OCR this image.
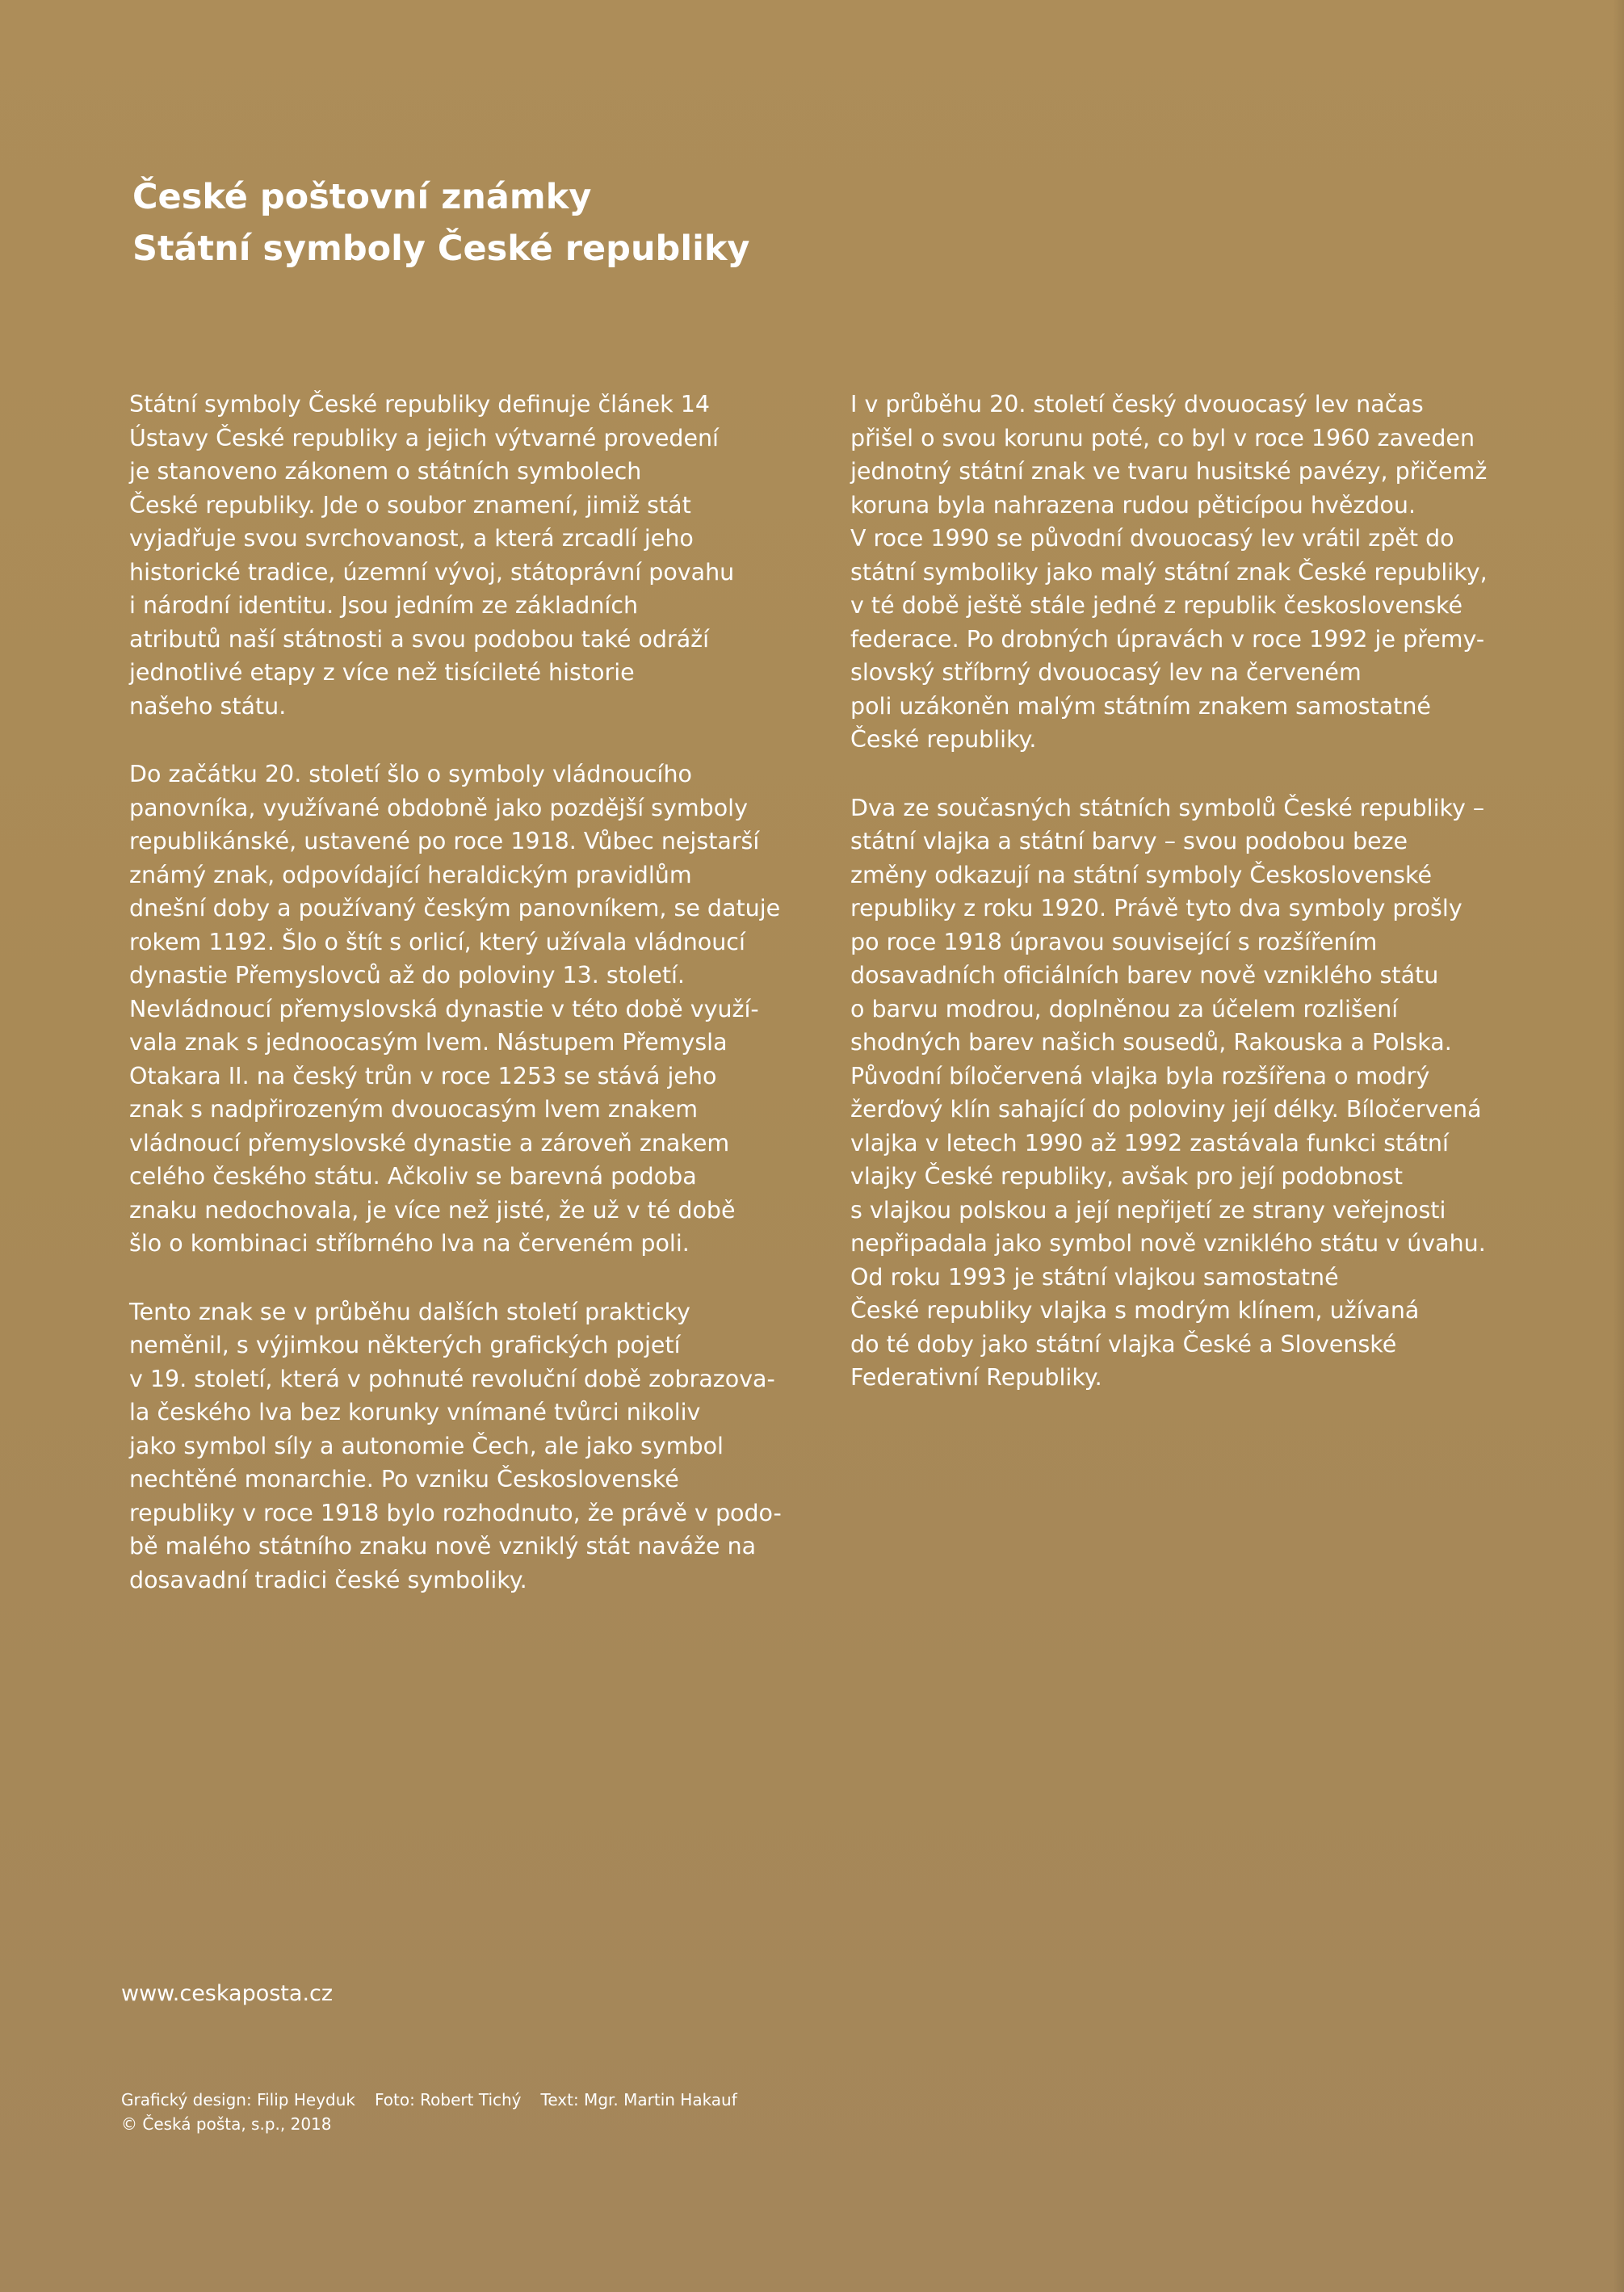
České poštovní známky
Státní symboly České republiky

Státní symboly České republiky definuje článek 14
Ústavy České republiky a jejich výtvarné provedení
je stanoveno zákonem o státních symbolech
České republiky. Jde o soubor znamení, jimiž stát
vyjadřuje svou svrchovanost, a která zrcadlí jeho
historické tradice, územní vývoj, státoprávní povahu
i národní identitu. Jsou jedním ze základních
atributů naší státnosti a svou podobou také odráží
jednotlivé etapy z více než tisícileté historie
našeho státu.

Do začátku 20. století šlo o symboly vládnoucího
panovníka, využívané obdobně jako pozdější symboly
republikánské, ustavené po roce 1918. Vůbec nejstarší
známý znak, odpovídající heraldickým pravidlům
dnešní doby a používaný českým panovníkem, se datuje
rokem 1192. Šlo o štít s orlicí, který užívala vládnoucí
dynastie Přemyslovců až do poloviny 13. století.
Nevládnoucí přemyslovská dynastie v této době využí-
vala znak s jednoocasým lvem. Nástupem Přemysla
Otakara II. na český trůn v roce 1253 se stává jeho
znak s nadpřirozeným dvouocasým lvem znakem
vládnoucí přemyslovské dynastie a zároveň znakem
celého českého státu. Ačkoliv se barevná podoba
znaku nedochovala, je více než jisté, že už v té době
šlo o kombinaci stříbrného lva na červeném poli.

Tento znak se v průběhu dalších století prakticky
neměnil, s výjimkou některých grafických pojetí
v 19. století, která v pohnuté revoluční době zobrazova-
la českého lva bez korunky vnímané tvůrci nikoliv
jako symbol síly a autonomie Čech, ale jako symbol
nechtěné monarchie. Po vzniku Československé
republiky v roce 1918 bylo rozhodnuto, že právě v podo-
bě malého státního znaku nově vzniklý stát naváže na
dosavadní tradici české symboliky.

I v průběhu 20. století český dvouocasý lev načas
přišel o svou korunu poté, co byl v roce 1960 zaveden
jednotný státní znak ve tvaru husitské pavézy, přičemž
koruna byla nahrazena rudou pěticípou hvězdou.
V roce 1990 se původní dvouocasý lev vrátil zpět do
státní symboliky jako malý státní znak České republiky,
v té době ještě stále jedné z republik československé
federace. Po drobných úpravách v roce 1992 je přemy-
slovský stříbrný dvouocasý lev na červeném
poli uzákoněn malým státním znakem samostatné
České republiky.

Dva ze současných státních symbolů České republiky –
státní vlajka a státní barvy – svou podobou beze
změny odkazují na státní symboly Československé
republiky z roku 1920. Právě tyto dva symboly prošly
po roce 1918 úpravou související s rozšířením
dosavadních oficiálních barev nově vzniklého státu
o barvu modrou, doplněnou za účelem rozlišení
shodných barev našich sousedů, Rakouska a Polska.
Původní bíločervená vlajka byla rozšířena o modrý
žerďový klín sahající do poloviny její délky. Bíločervená
vlajka v letech 1990 až 1992 zastávala funkci státní
vlajky České republiky, avšak pro její podobnost
s vlajkou polskou a její nepřijetí ze strany veřejnosti
nepřipadala jako symbol nově vzniklého státu v úvahu.
Od roku 1993 je státní vlajkou samostatné
České republiky vlajka s modrým klínem, užívaná
do té doby jako státní vlajka České a Slovenské
Federativní Republiky.

www.ceskaposta.cz
Grafický design: Filip Heyduk Foto: Robert Tichý Text: Mgr. Martin Hakauf
© Česká pošta, s.p., 2018
